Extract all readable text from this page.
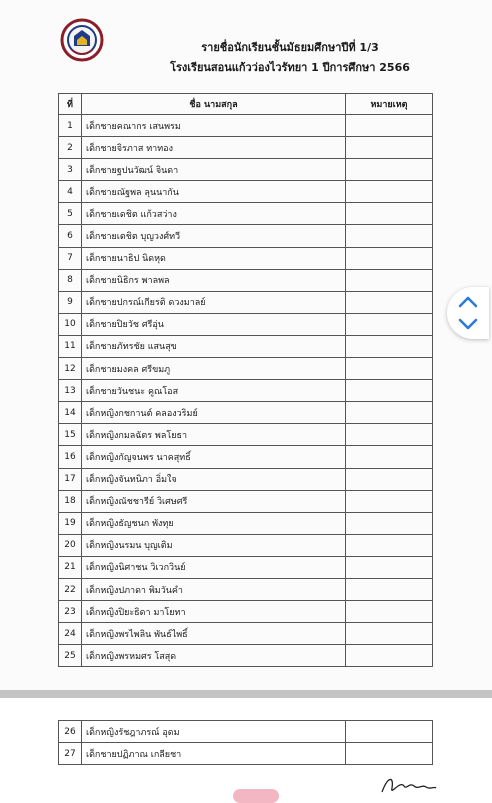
รายชื่อนักเรียนชั้นมัธยมศึกษาปีที่ 1/3
โรงเรียนสอนแก้วว่องไวรัทยา 1 ปีการศึกษา 2566
ที่	ชื่อ นามสกุล	หมายเหตุ
1	เด็กชายคณากร เสนพรม	
2	เด็กชายจิรภาส ทาทอง	
3	เด็กชายฐปนวัฒน์ จินดา	
4	เด็กชายณัฐพล ลุนนากัน	
5	เด็กชายเดชิต แก้วสว่าง	
6	เด็กชายเตชิต บุญวงศ์ทวี	
7	เด็กชายนาธิป นิดหุด	
8	เด็กชายนิธิกร พาลพล	
9	เด็กชายปกรณ์เกียรติ ดวงมาลย์	
10	เด็กชายปิยวัช ศรีอุ่น	
11	เด็กชายภัทรชัย แสนสุข	
12	เด็กชายมงคล ศรีขมภู	
13	เด็กชายวันชนะ คูณโอส	
14	เด็กหญิงกชกานต์ คลองวริมย์	
15	เด็กหญิงกมลฉัตร พลโยธา	
16	เด็กหญิงกัญจนพร นาคสุทธิ์	
17	เด็กหญิงจันทนิภา อิ่มใจ	
18	เด็กหญิงณัชชารีย์ วิเศษศรี	
19	เด็กหญิงธัญชนก พังทุย	
20	เด็กหญิงนรมน บุญเติม	
21	เด็กหญิงนิศาชน วิเวกวินย์	
22	เด็กหญิงปภาดา พิมวันคำ	
23	เด็กหญิงปิยะธิดา มาโยทา	
24	เด็กหญิงพรไพลิน พันธ์ไพธิ์	
25	เด็กหญิงพรหมศร โสสุด	
26	เด็กหญิงรัชฎาภรณ์ อุดม	
27	เด็กชายปฏิภาณ เกลียชา	
